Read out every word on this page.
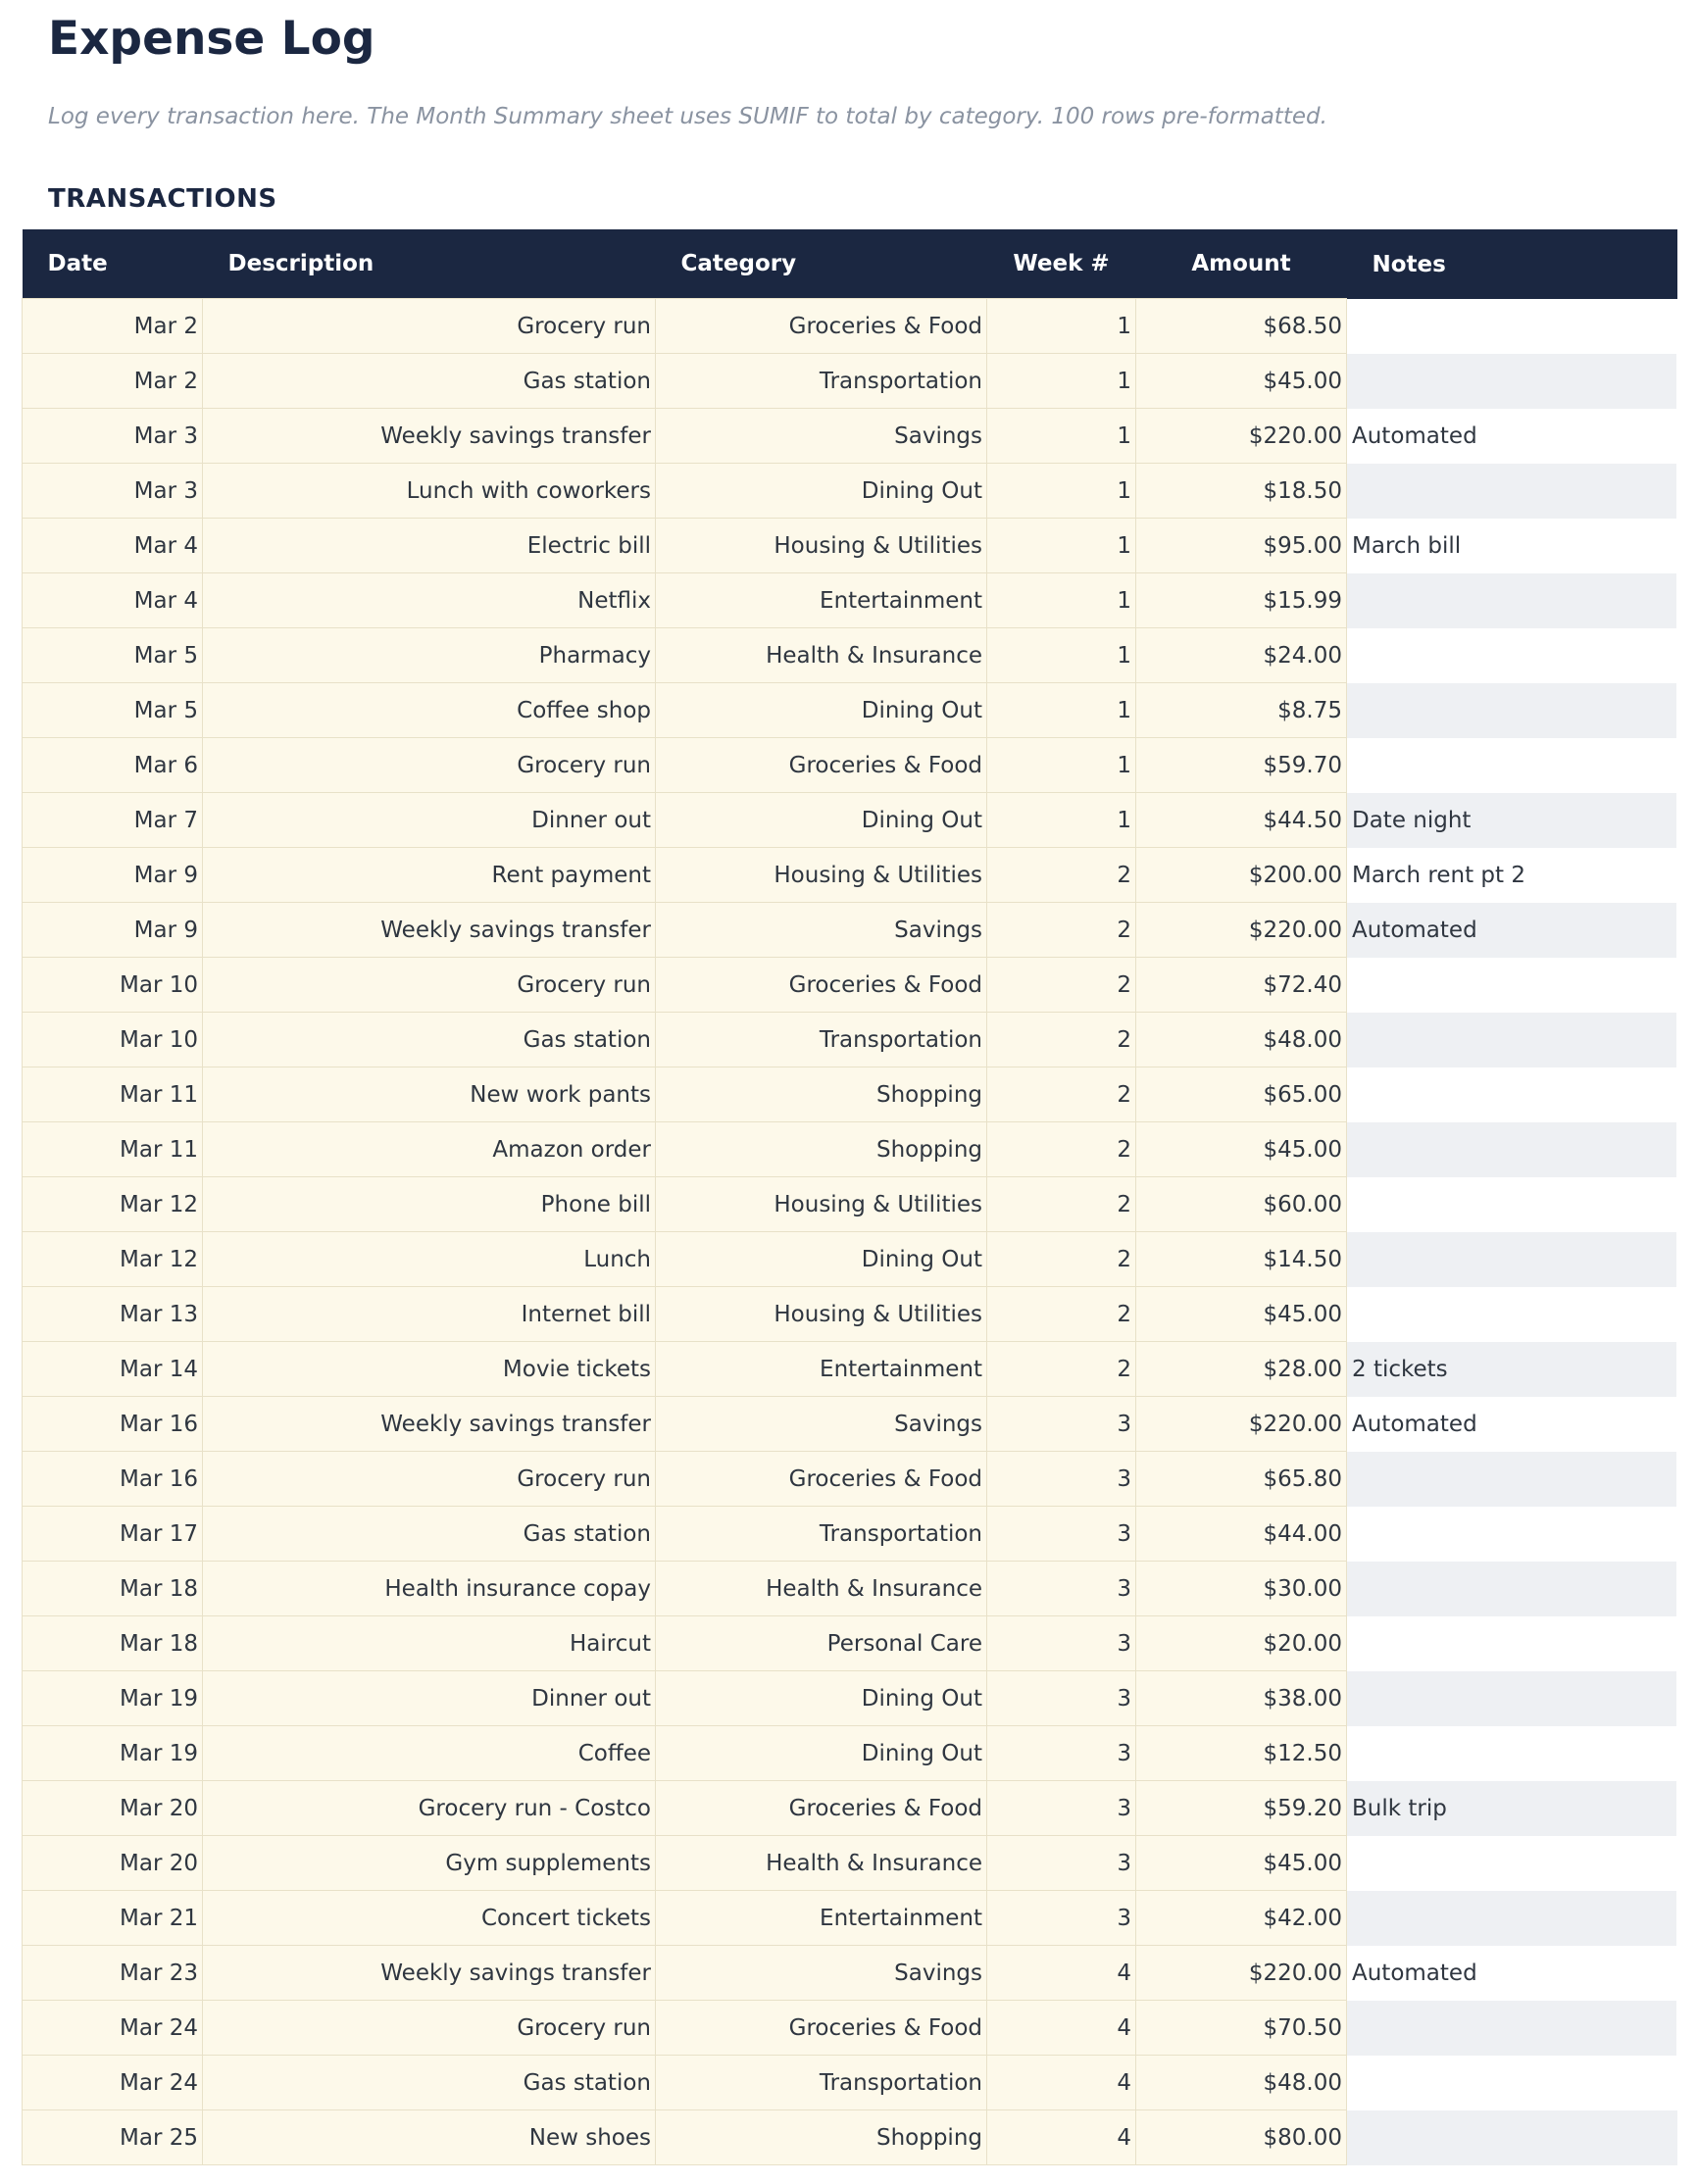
Expense Log

Log every transaction here. The Month Summary sheet uses SUMIF to total by category. 100 rows pre-formatted.

TRANSACTIONS
Date	Description	Category	Week #	Amount	Notes
Mar 2	Grocery run	Groceries & Food	1	$68.50	
Mar 2	Gas station	Transportation	1	$45.00	
Mar 3	Weekly savings transfer	Savings	1	$220.00	Automated
Mar 3	Lunch with coworkers	Dining Out	1	$18.50	
Mar 4	Electric bill	Housing & Utilities	1	$95.00	March bill
Mar 4	Netflix	Entertainment	1	$15.99	
Mar 5	Pharmacy	Health & Insurance	1	$24.00	
Mar 5	Coffee shop	Dining Out	1	$8.75	
Mar 6	Grocery run	Groceries & Food	1	$59.70	
Mar 7	Dinner out	Dining Out	1	$44.50	Date night
Mar 9	Rent payment	Housing & Utilities	2	$200.00	March rent pt 2
Mar 9	Weekly savings transfer	Savings	2	$220.00	Automated
Mar 10	Grocery run	Groceries & Food	2	$72.40	
Mar 10	Gas station	Transportation	2	$48.00	
Mar 11	New work pants	Shopping	2	$65.00	
Mar 11	Amazon order	Shopping	2	$45.00	
Mar 12	Phone bill	Housing & Utilities	2	$60.00	
Mar 12	Lunch	Dining Out	2	$14.50	
Mar 13	Internet bill	Housing & Utilities	2	$45.00	
Mar 14	Movie tickets	Entertainment	2	$28.00	2 tickets
Mar 16	Weekly savings transfer	Savings	3	$220.00	Automated
Mar 16	Grocery run	Groceries & Food	3	$65.80	
Mar 17	Gas station	Transportation	3	$44.00	
Mar 18	Health insurance copay	Health & Insurance	3	$30.00	
Mar 18	Haircut	Personal Care	3	$20.00	
Mar 19	Dinner out	Dining Out	3	$38.00	
Mar 19	Coffee	Dining Out	3	$12.50	
Mar 20	Grocery run - Costco	Groceries & Food	3	$59.20	Bulk trip
Mar 20	Gym supplements	Health & Insurance	3	$45.00	
Mar 21	Concert tickets	Entertainment	3	$42.00	
Mar 23	Weekly savings transfer	Savings	4	$220.00	Automated
Mar 24	Grocery run	Groceries & Food	4	$70.50	
Mar 24	Gas station	Transportation	4	$48.00	
Mar 25	New shoes	Shopping	4	$80.00	
